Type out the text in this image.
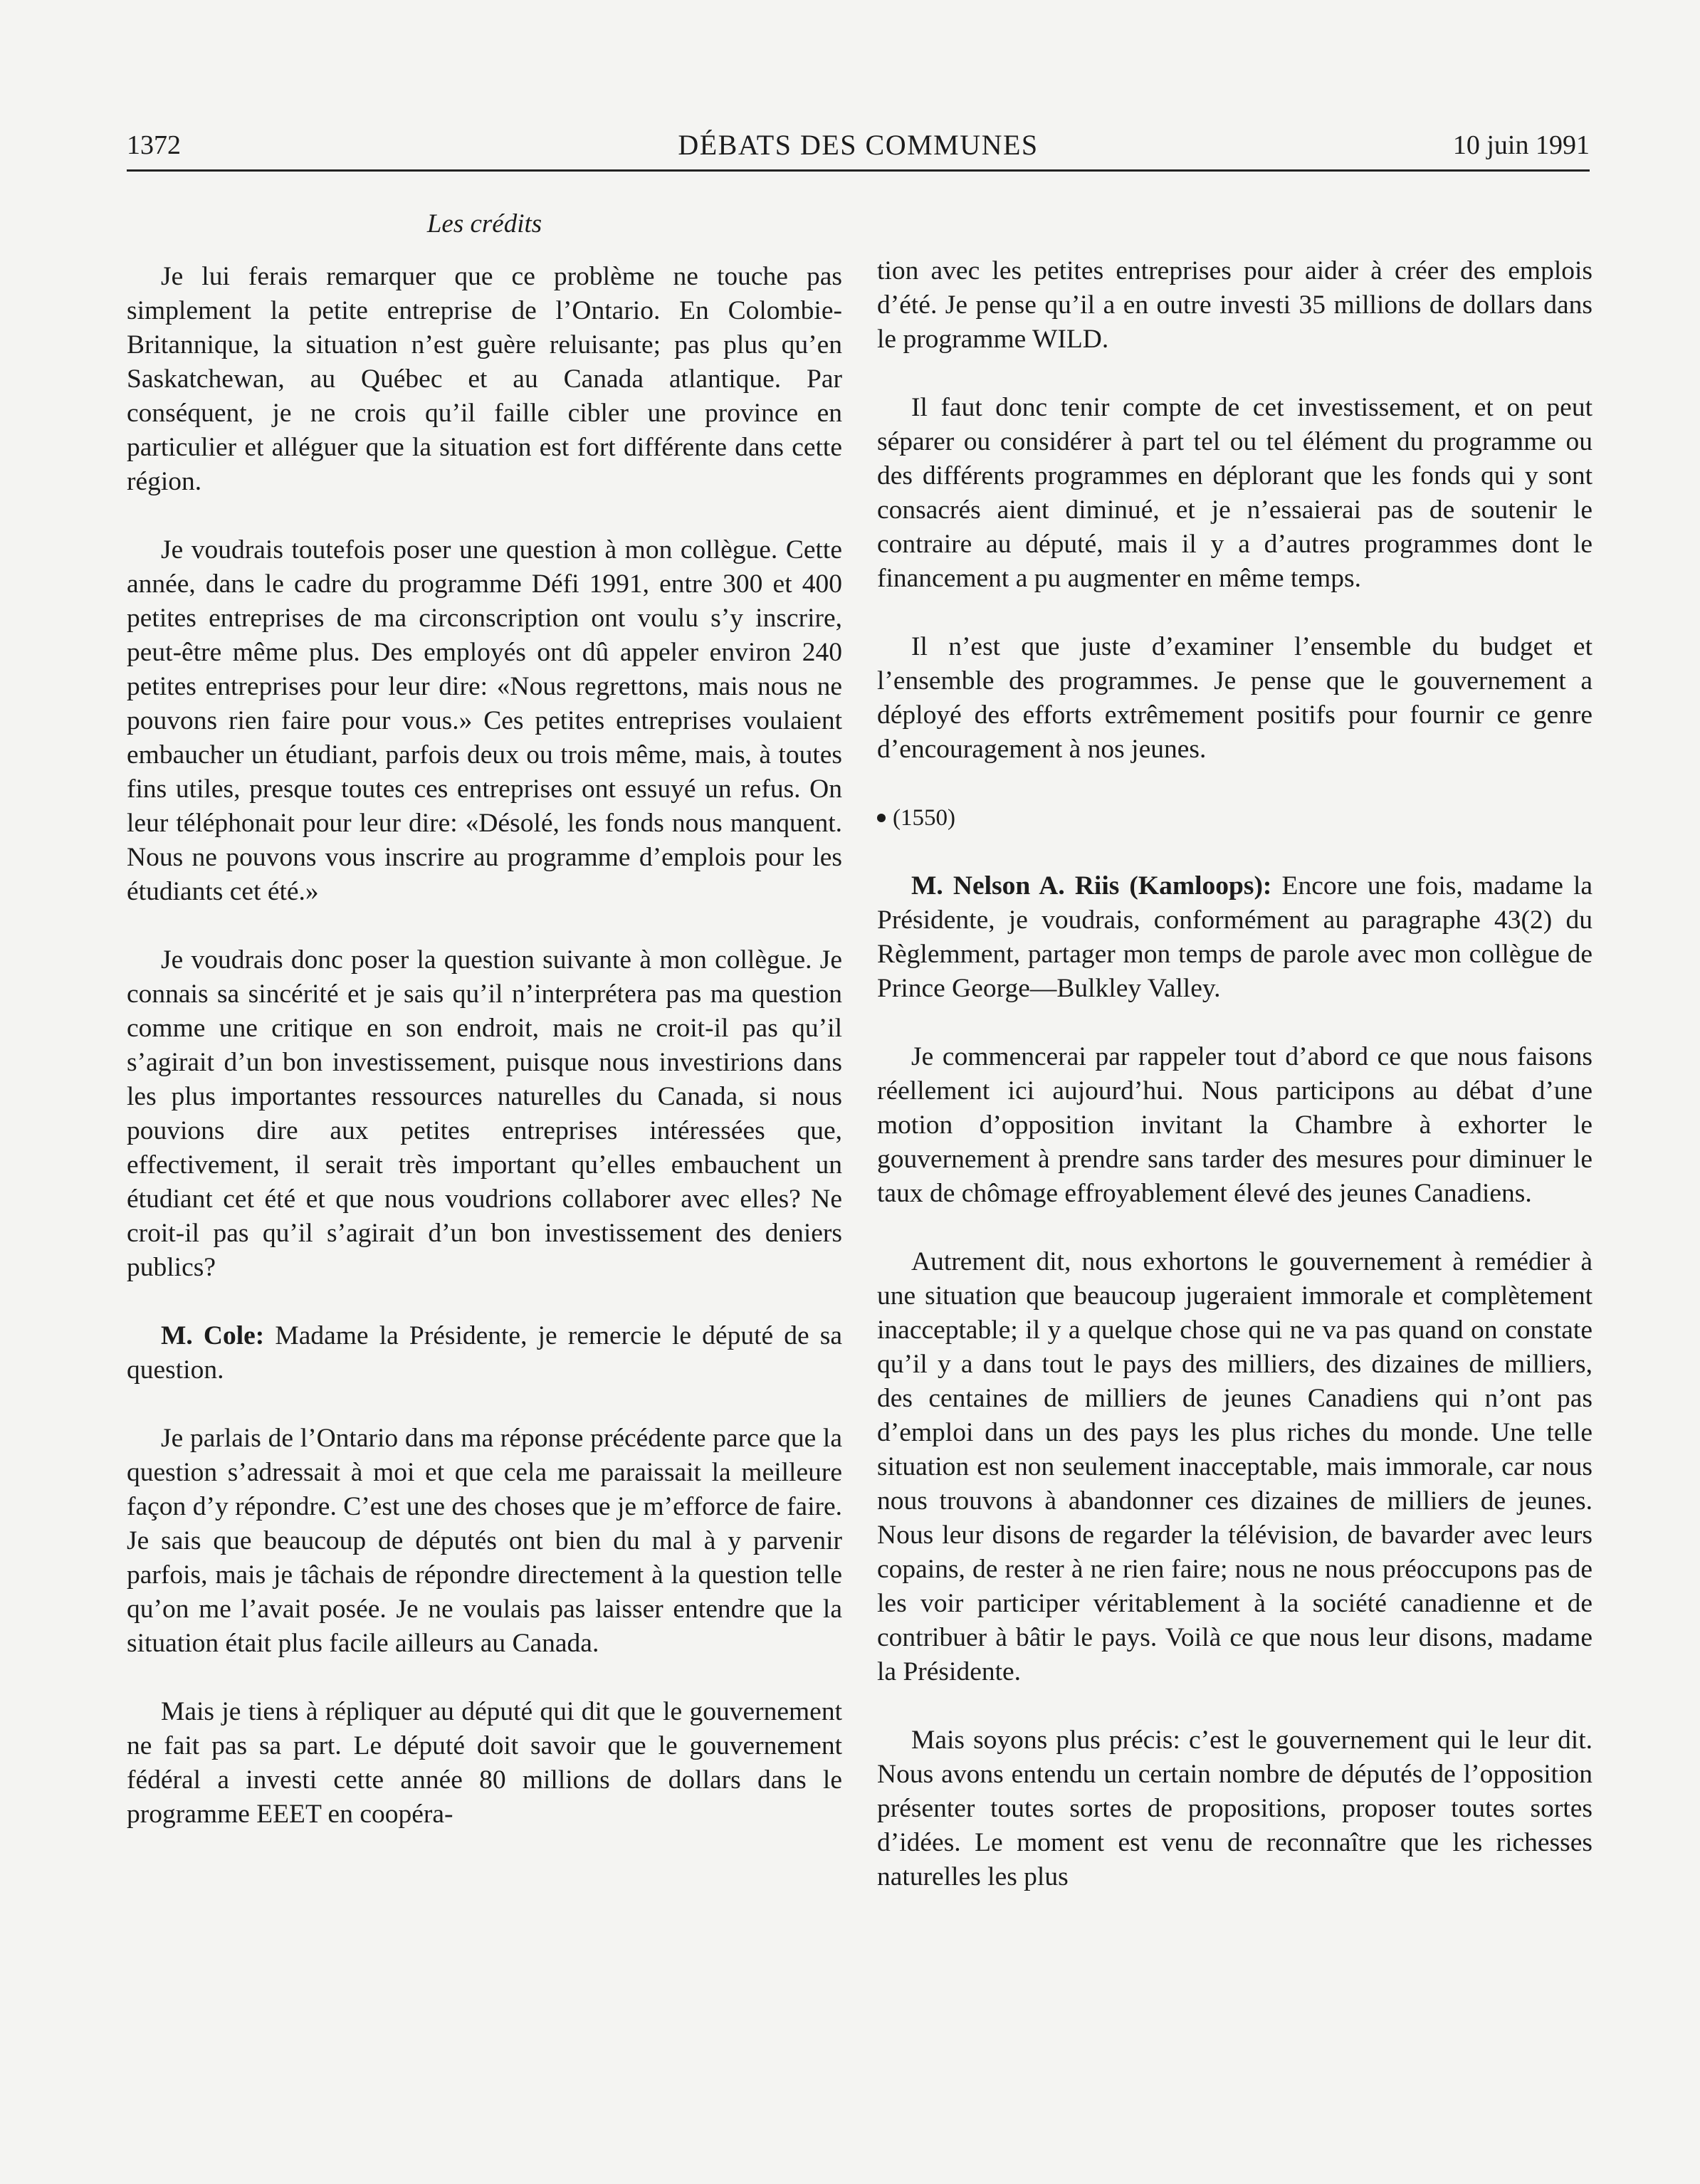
1372	DÉBATS DES COMMUNES	10 juin 1991
Les crédits

Je lui ferais remarquer que ce problème ne touche pas simplement la petite entreprise de l’Ontario. En Colombie-Britannique, la situation n’est guère reluisante; pas plus qu’en Saskatchewan, au Québec et au Canada atlantique. Par conséquent, je ne crois qu’il faille cibler une province en particulier et alléguer que la situation est fort différente dans cette région.

Je voudrais toutefois poser une question à mon collègue. Cette année, dans le cadre du programme Défi 1991, entre 300 et 400 petites entreprises de ma circonscription ont voulu s’y inscrire, peut-être même plus. Des employés ont dû appeler environ 240 petites entreprises pour leur dire: «Nous regrettons, mais nous ne pouvons rien faire pour vous.» Ces petites entreprises voulaient embaucher un étudiant, parfois deux ou trois même, mais, à toutes fins utiles, presque toutes ces entreprises ont essuyé un refus. On leur téléphonait pour leur dire: «Désolé, les fonds nous manquent. Nous ne pouvons vous inscrire au programme d’emplois pour les étudiants cet été.»

Je voudrais donc poser la question suivante à mon collègue. Je connais sa sincérité et je sais qu’il n’interprétera pas ma question comme une critique en son endroit, mais ne croit-il pas qu’il s’agirait d’un bon investissement, puisque nous investirions dans les plus importantes ressources naturelles du Canada, si nous pouvions dire aux petites entreprises intéressées que, effectivement, il serait très important qu’elles embauchent un étudiant cet été et que nous voudrions collaborer avec elles? Ne croit-il pas qu’il s’agirait d’un bon investissement des deniers publics?

M. Cole: Madame la Présidente, je remercie le député de sa question.

Je parlais de l’Ontario dans ma réponse précédente parce que la question s’adressait à moi et que cela me paraissait la meilleure façon d’y répondre. C’est une des choses que je m’efforce de faire. Je sais que beaucoup de députés ont bien du mal à y parvenir parfois, mais je tâchais de répondre directement à la question telle qu’on me l’avait posée. Je ne voulais pas laisser entendre que la situation était plus facile ailleurs au Canada.

Mais je tiens à répliquer au député qui dit que le gouvernement ne fait pas sa part. Le député doit savoir que le gouvernement fédéral a investi cette année 80 millions de dollars dans le programme EEET en coopéra-

tion avec les petites entreprises pour aider à créer des emplois d’été. Je pense qu’il a en outre investi 35 millions de dollars dans le programme WILD.

Il faut donc tenir compte de cet investissement, et on peut séparer ou considérer à part tel ou tel élément du programme ou des différents programmes en déplorant que les fonds qui y sont consacrés aient diminué, et je n’essaierai pas de soutenir le contraire au député, mais il y a d’autres programmes dont le financement a pu augmenter en même temps.

Il n’est que juste d’examiner l’ensemble du budget et l’ensemble des programmes. Je pense que le gouvernement a déployé des efforts extrêmement positifs pour fournir ce genre d’encouragement à nos jeunes.

(1550)

M. Nelson A. Riis (Kamloops): Encore une fois, madame la Présidente, je voudrais, conformément au paragraphe 43(2) du Règlemment, partager mon temps de parole avec mon collègue de Prince George—Bulkley Valley.

Je commencerai par rappeler tout d’abord ce que nous faisons réellement ici aujourd’hui. Nous participons au débat d’une motion d’opposition invitant la Chambre à exhorter le gouvernement à prendre sans tarder des mesures pour diminuer le taux de chômage effroyablement élevé des jeunes Canadiens.

Autrement dit, nous exhortons le gouvernement à remédier à une situation que beaucoup jugeraient immorale et complètement inacceptable; il y a quelque chose qui ne va pas quand on constate qu’il y a dans tout le pays des milliers, des dizaines de milliers, des centaines de milliers de jeunes Canadiens qui n’ont pas d’emploi dans un des pays les plus riches du monde. Une telle situation est non seulement inacceptable, mais immorale, car nous nous trouvons à abandonner ces dizaines de milliers de jeunes. Nous leur disons de regarder la télévision, de bavarder avec leurs copains, de rester à ne rien faire; nous ne nous préoccupons pas de les voir participer véritablement à la société canadienne et de contribuer à bâtir le pays. Voilà ce que nous leur disons, madame la Présidente.

Mais soyons plus précis: c’est le gouvernement qui le leur dit. Nous avons entendu un certain nombre de députés de l’opposition présenter toutes sortes de propositions, proposer toutes sortes d’idées. Le moment est venu de reconnaître que les richesses naturelles les plus
